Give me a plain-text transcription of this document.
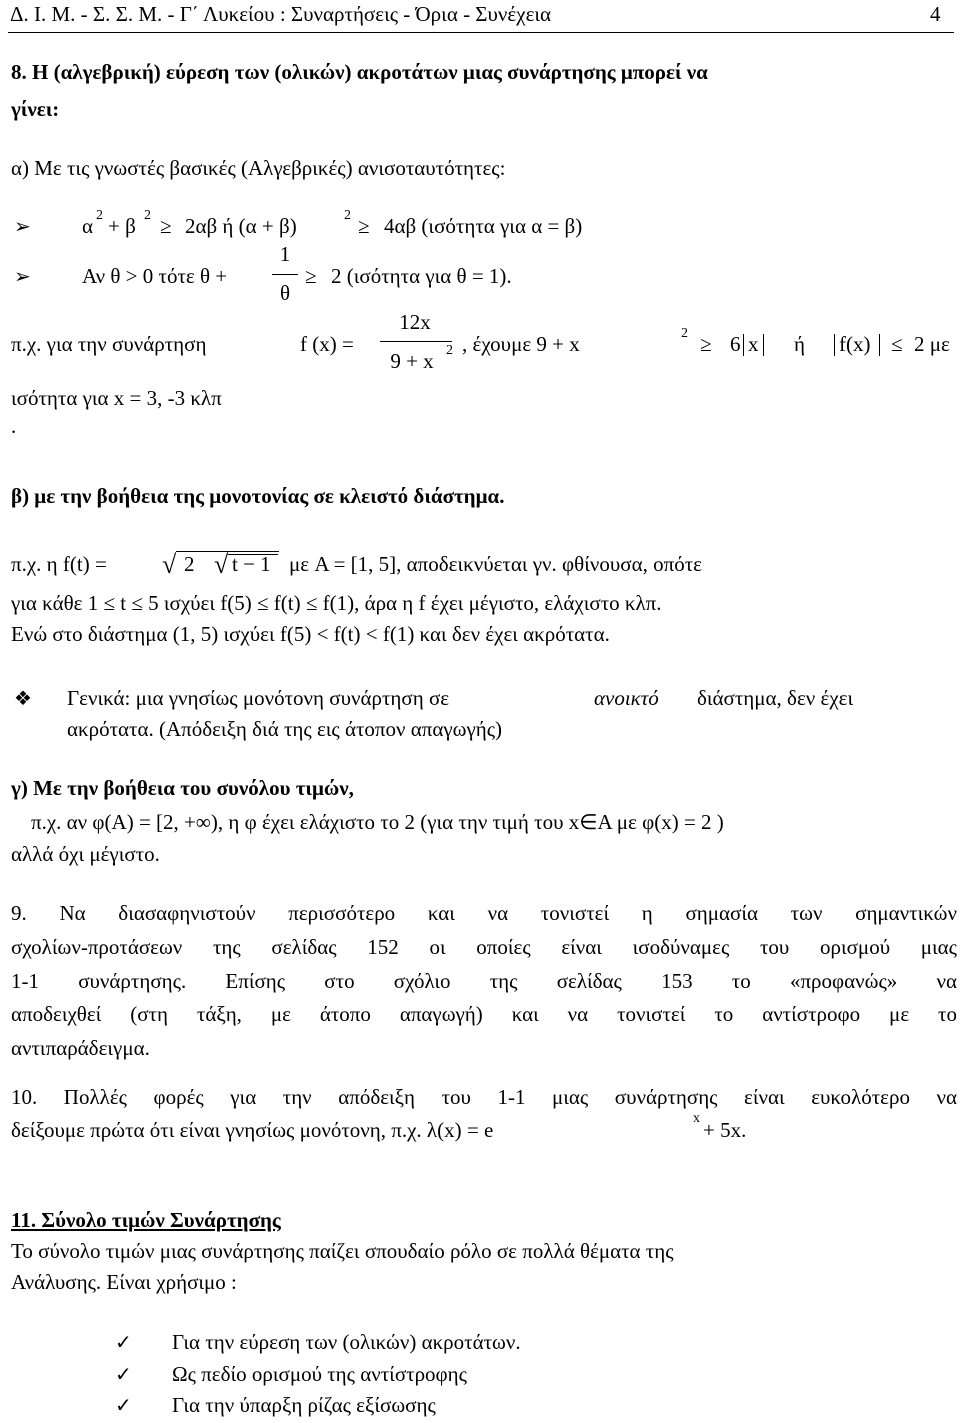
Δ. Ι. Μ. - Σ. Σ. Μ. - Γ΄ Λυκείου : Συναρτήσεις - Όρια - Συνέχεια	4
8. Η (αλγεβρική) εύρεση των (ολικών) ακροτάτων μιας συνάρτησης μπορεί να
γίνει:
α) Με τις γνωστές βασικές (Αλγεβρικές) ανισοταυτότητες:
➢ α 2 + β 2 ≥ 2αβ ή (α + β)	2 ≥ 4αβ (ισότητα για α = β)
➢ Αν θ > 0 τότε θ +
1
θ
≥ 2 (ισότητα για θ = 1).
π.χ. για την συνάρτηση	f (x) =
12x
9 + x 2 , έχουμε 9 + x	2 ≥ 6 x ή f(x) ≤ 2 με
ισότητα για x = 3, -3 κλπ
.
β) με την βοήθεια της μονοτονίας σε κλειστό διάστημα.
π.χ. η f(t) = √ 2 √ t − 1 με A = [1, 5], αποδεικνύεται γν. φθίνουσα, οπότε
για κάθε 1 ≤ t ≤ 5 ισχύει f(5) ≤ f(t) ≤ f(1), άρα η f έχει μέγιστο, ελάχιστο κλπ.
Ενώ στο διάστημα (1, 5) ισχύει f(5) < f(t) < f(1) και δεν έχει ακρότατα.
❖ Γενικά: μια γνησίως μονότονη συνάρτηση σε	ανοικτό διάστημα, δεν έχει
ακρότατα. (Απόδειξη διά της εις άτοπον απαγωγής)
γ) Με την βοήθεια του συνόλου τιμών,
π.χ. αν φ(A) = [2, +∞), η φ έχει ελάχιστο το 2 (για την τιμή του x∈A με φ(x) = 2 )
αλλά όχι μέγιστο.
9. Να διασαφηνιστούν περισσότερο και να τονιστεί η σημασία των σημαντικών
σχολίων-προτάσεων της σελίδας 152 οι οποίες είναι ισοδύναμες του ορισμού μιας
1-1 συνάρτησης. Επίσης στο σχόλιο της σελίδας 153 το «προφανώς» να
αποδειχθεί (στη τάξη, με άτοπο απαγωγή) και να τονιστεί το αντίστροφο με το
αντιπαράδειγμα.
10. Πολλές φορές για την απόδειξη του 1-1 μιας συνάρτησης είναι ευκολότερο να
δείξουμε πρώτα ότι είναι γνησίως μονότονη, π.χ. λ(x) = e	x + 5x.
11. Σύνολο τιμών Συνάρτησης
Το σύνολο τιμών μιας συνάρτησης παίζει σπουδαίο ρόλο σε πολλά θέματα της
Ανάλυσης. Είναι χρήσιμο :
✓ Για την εύρεση των (ολικών) ακροτάτων.
✓ Ως πεδίο ορισμού της αντίστροφης
✓ Για την ύπαρξη ρίζας εξίσωσης
